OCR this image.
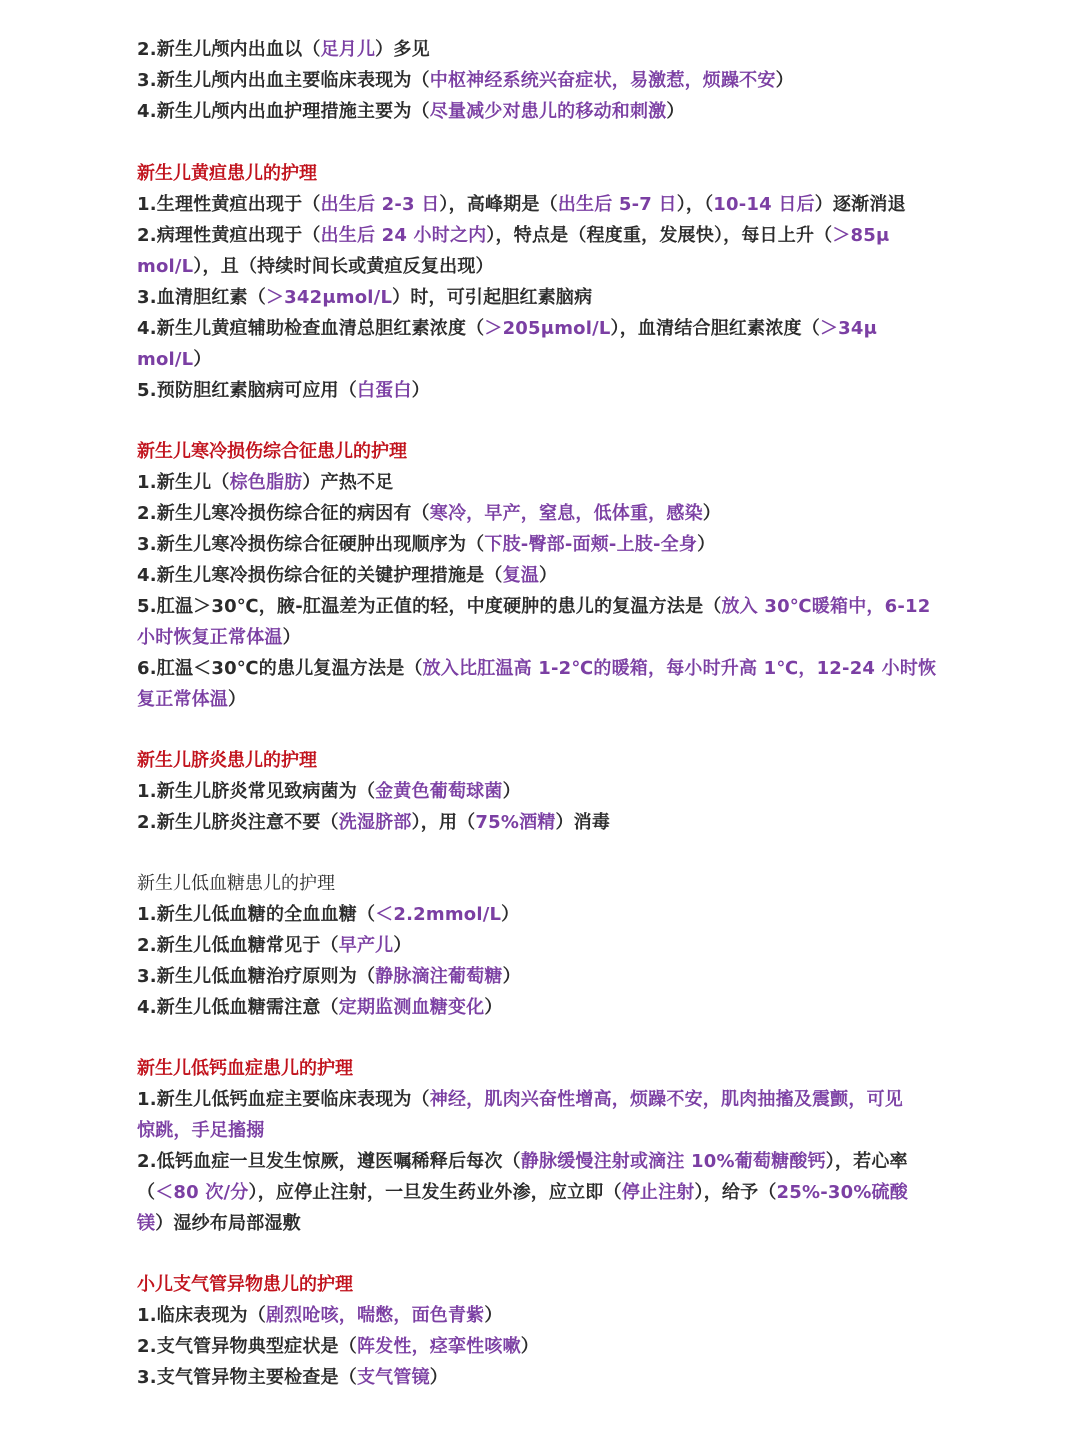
2.新生儿颅内出血以（足月儿）多见

3.新生儿颅内出血主要临床表现为（中枢神经系统兴奋症状，易激惹，烦躁不安）

4.新生儿颅内出血护理措施主要为（尽量减少对患儿的移动和刺激）

新生儿黄疸患儿的护理

1.生理性黄疸出现于（出生后 2-3 日），高峰期是（出生后 5-7 日），（10-14 日后）逐渐消退

2.病理性黄疸出现于（出生后 24 小时之内），特点是（程度重，发展快），每日上升（＞85μ

mol/L），且（持续时间长或黄疸反复出现）

3.血清胆红素（＞342μmol/L）时，可引起胆红素脑病

4.新生儿黄疸辅助检查血清总胆红素浓度（＞205μmol/L），血清结合胆红素浓度（＞34μ

mol/L）

5.预防胆红素脑病可应用（白蛋白）

新生儿寒冷损伤综合征患儿的护理

1.新生儿（棕色脂肪）产热不足

2.新生儿寒冷损伤综合征的病因有（寒冷，早产，窒息，低体重，感染）

3.新生儿寒冷损伤综合征硬肿出现顺序为（下肢-臀部-面颊-上肢-全身）

4.新生儿寒冷损伤综合征的关键护理措施是（复温）

5.肛温＞30℃，腋-肛温差为正值的轻，中度硬肿的患儿的复温方法是（放入 30℃暖箱中，6-12

小时恢复正常体温）

6.肛温＜30℃的患儿复温方法是（放入比肛温高 1-2℃的暖箱，每小时升高 1℃，12-24 小时恢

复正常体温）

新生儿脐炎患儿的护理

1.新生儿脐炎常见致病菌为（金黄色葡萄球菌）

2.新生儿脐炎注意不要（洗湿脐部），用（75%酒精）消毒

新生儿低血糖患儿的护理

1.新生儿低血糖的全血血糖（＜2.2mmol/L）

2.新生儿低血糖常见于（早产儿）

3.新生儿低血糖治疗原则为（静脉滴注葡萄糖）

4.新生儿低血糖需注意（定期监测血糖变化）

新生儿低钙血症患儿的护理

1.新生儿低钙血症主要临床表现为（神经，肌肉兴奋性增高，烦躁不安，肌肉抽搐及震颤，可见

惊跳，手足搐搦

2.低钙血症一旦发生惊厥，遵医嘱稀释后每次（静脉缓慢注射或滴注 10%葡萄糖酸钙），若心率

（＜80 次/分），应停止注射，一旦发生药业外渗，应立即（停止注射），给予（25%-30%硫酸

镁）湿纱布局部湿敷

小儿支气管异物患儿的护理

1.临床表现为（剧烈呛咳，喘憋，面色青紫）

2.支气管异物典型症状是（阵发性，痉挛性咳嗽）

3.支气管异物主要检查是（支气管镜）
